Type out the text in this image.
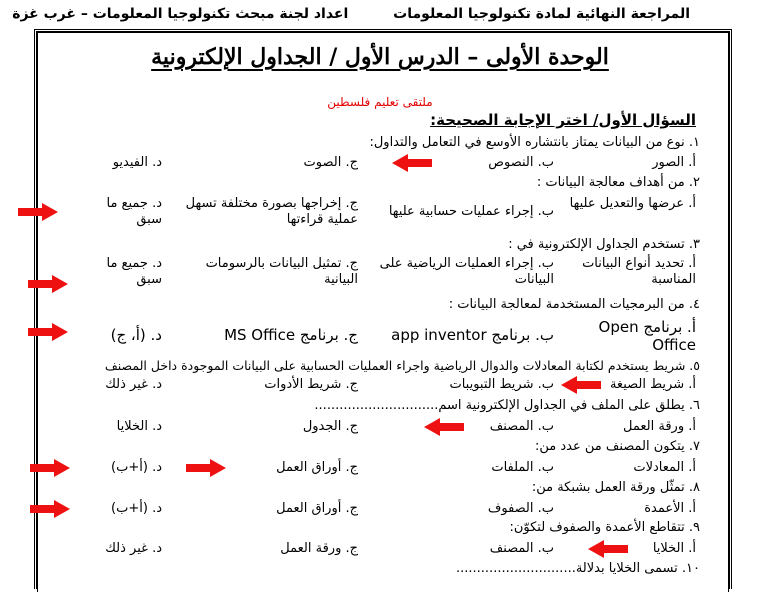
المراجعة النهائية لمادة تكنولوجيا المعلومات اعداد لجنة مبحث تكنولوجيا المعلومات – غرب غزة
الوحدة الأولى – الدرس الأول / الجداول الإلكترونية
ملتقى تعليم فلسطين
السؤال الأول/ اختر الإجابة الصحيحة:
١. نوع من البيانات يمتاز بانتشاره الأوسع في التعامل والتداول:
أ. الصور
ب. النصوص
ج. الصوت
د. الفيديو
٢. من أهداف معالجة البيانات :
أ. عرضها والتعديل عليها
ب. إجراء عمليات حسابية عليها
ج. إخراجها بصورة مختلفة تسهل عملية قراءتها
د. جميع ما سبق
٣. تستخدم الجداول الإلكترونية في :
أ. تحديد أنواع البيانات المناسبة
ب. إجراء العمليات الرياضية على البيانات
ج. تمثيل البيانات بالرسومات البيانية
د. جميع ما سبق
٤. من البرمجيات المستخدمة لمعالجة البيانات :
أ. برنامج Open Office
ب. برنامج app inventor
ج. برنامج MS Office
د. (أ، ج)
٥. شريط يستخدم لكتابة المعادلات والدوال الرياضية واجراء العمليات الحسابية على البيانات الموجودة داخل المصنف
أ. شريط الصيغة
ب. شريط التبويبات
ج. شريط الأدوات
د. غير ذلك
٦. يطلق على الملف في الجداول الإلكترونية اسم..............................
أ. ورقة العمل
ب. المصنف
ج. الجدول
د. الخلايا
٧. يتكون المصنف من عدد من:
أ. المعادلات
ب. الملفات
ج. أوراق العمل
د. (أ+ب)
٨. تمثّل ورقة العمل بشبكة من:
أ. الأعمدة
ب. الصفوف
ج. أوراق العمل
د. (أ+ب)
٩. تتقاطع الأعمدة والصفوف لتكوّن:
أ. الخلايا
ب. المصنف
ج. ورقة العمل
د. غير ذلك
١٠. تسمى الخلايا بدلالة.............................
